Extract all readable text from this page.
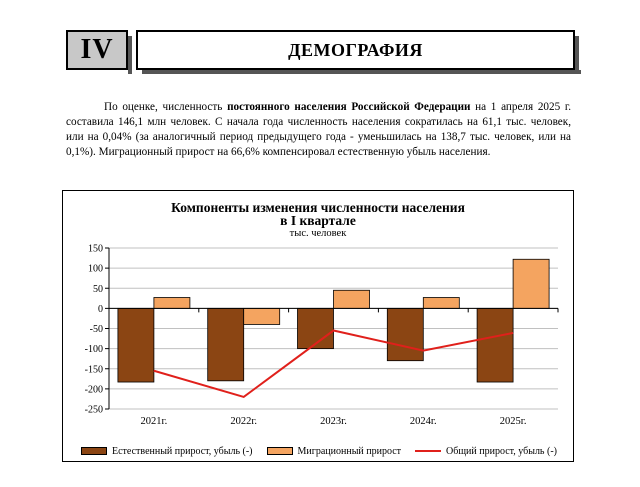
IV	ДЕМОГРАФИЯ

По оценке, численность постоянного населения Российской Федерации на 1 апреля 2025 г. составила 146,1 млн человек. С начала года численность населения сократилась на 61,1 тыс. человек, или на 0,04% (за аналогичный период предыдущего года - уменьшилась на 138,7 тыс. человек, или на 0,1%). Миграционный прирост на 66,6% компенсировал естественную убыль населения.

Компоненты изменения численности населения
в I квартале
тыс. человек
150
100
50
0
-50
-100
-150
-200
-250
2021г.	2022г.	2023г.	2024г.	2025г.
Естественный прирост, убыль (-)	Миграционный прирост	Общий прирост, убыль (-)
